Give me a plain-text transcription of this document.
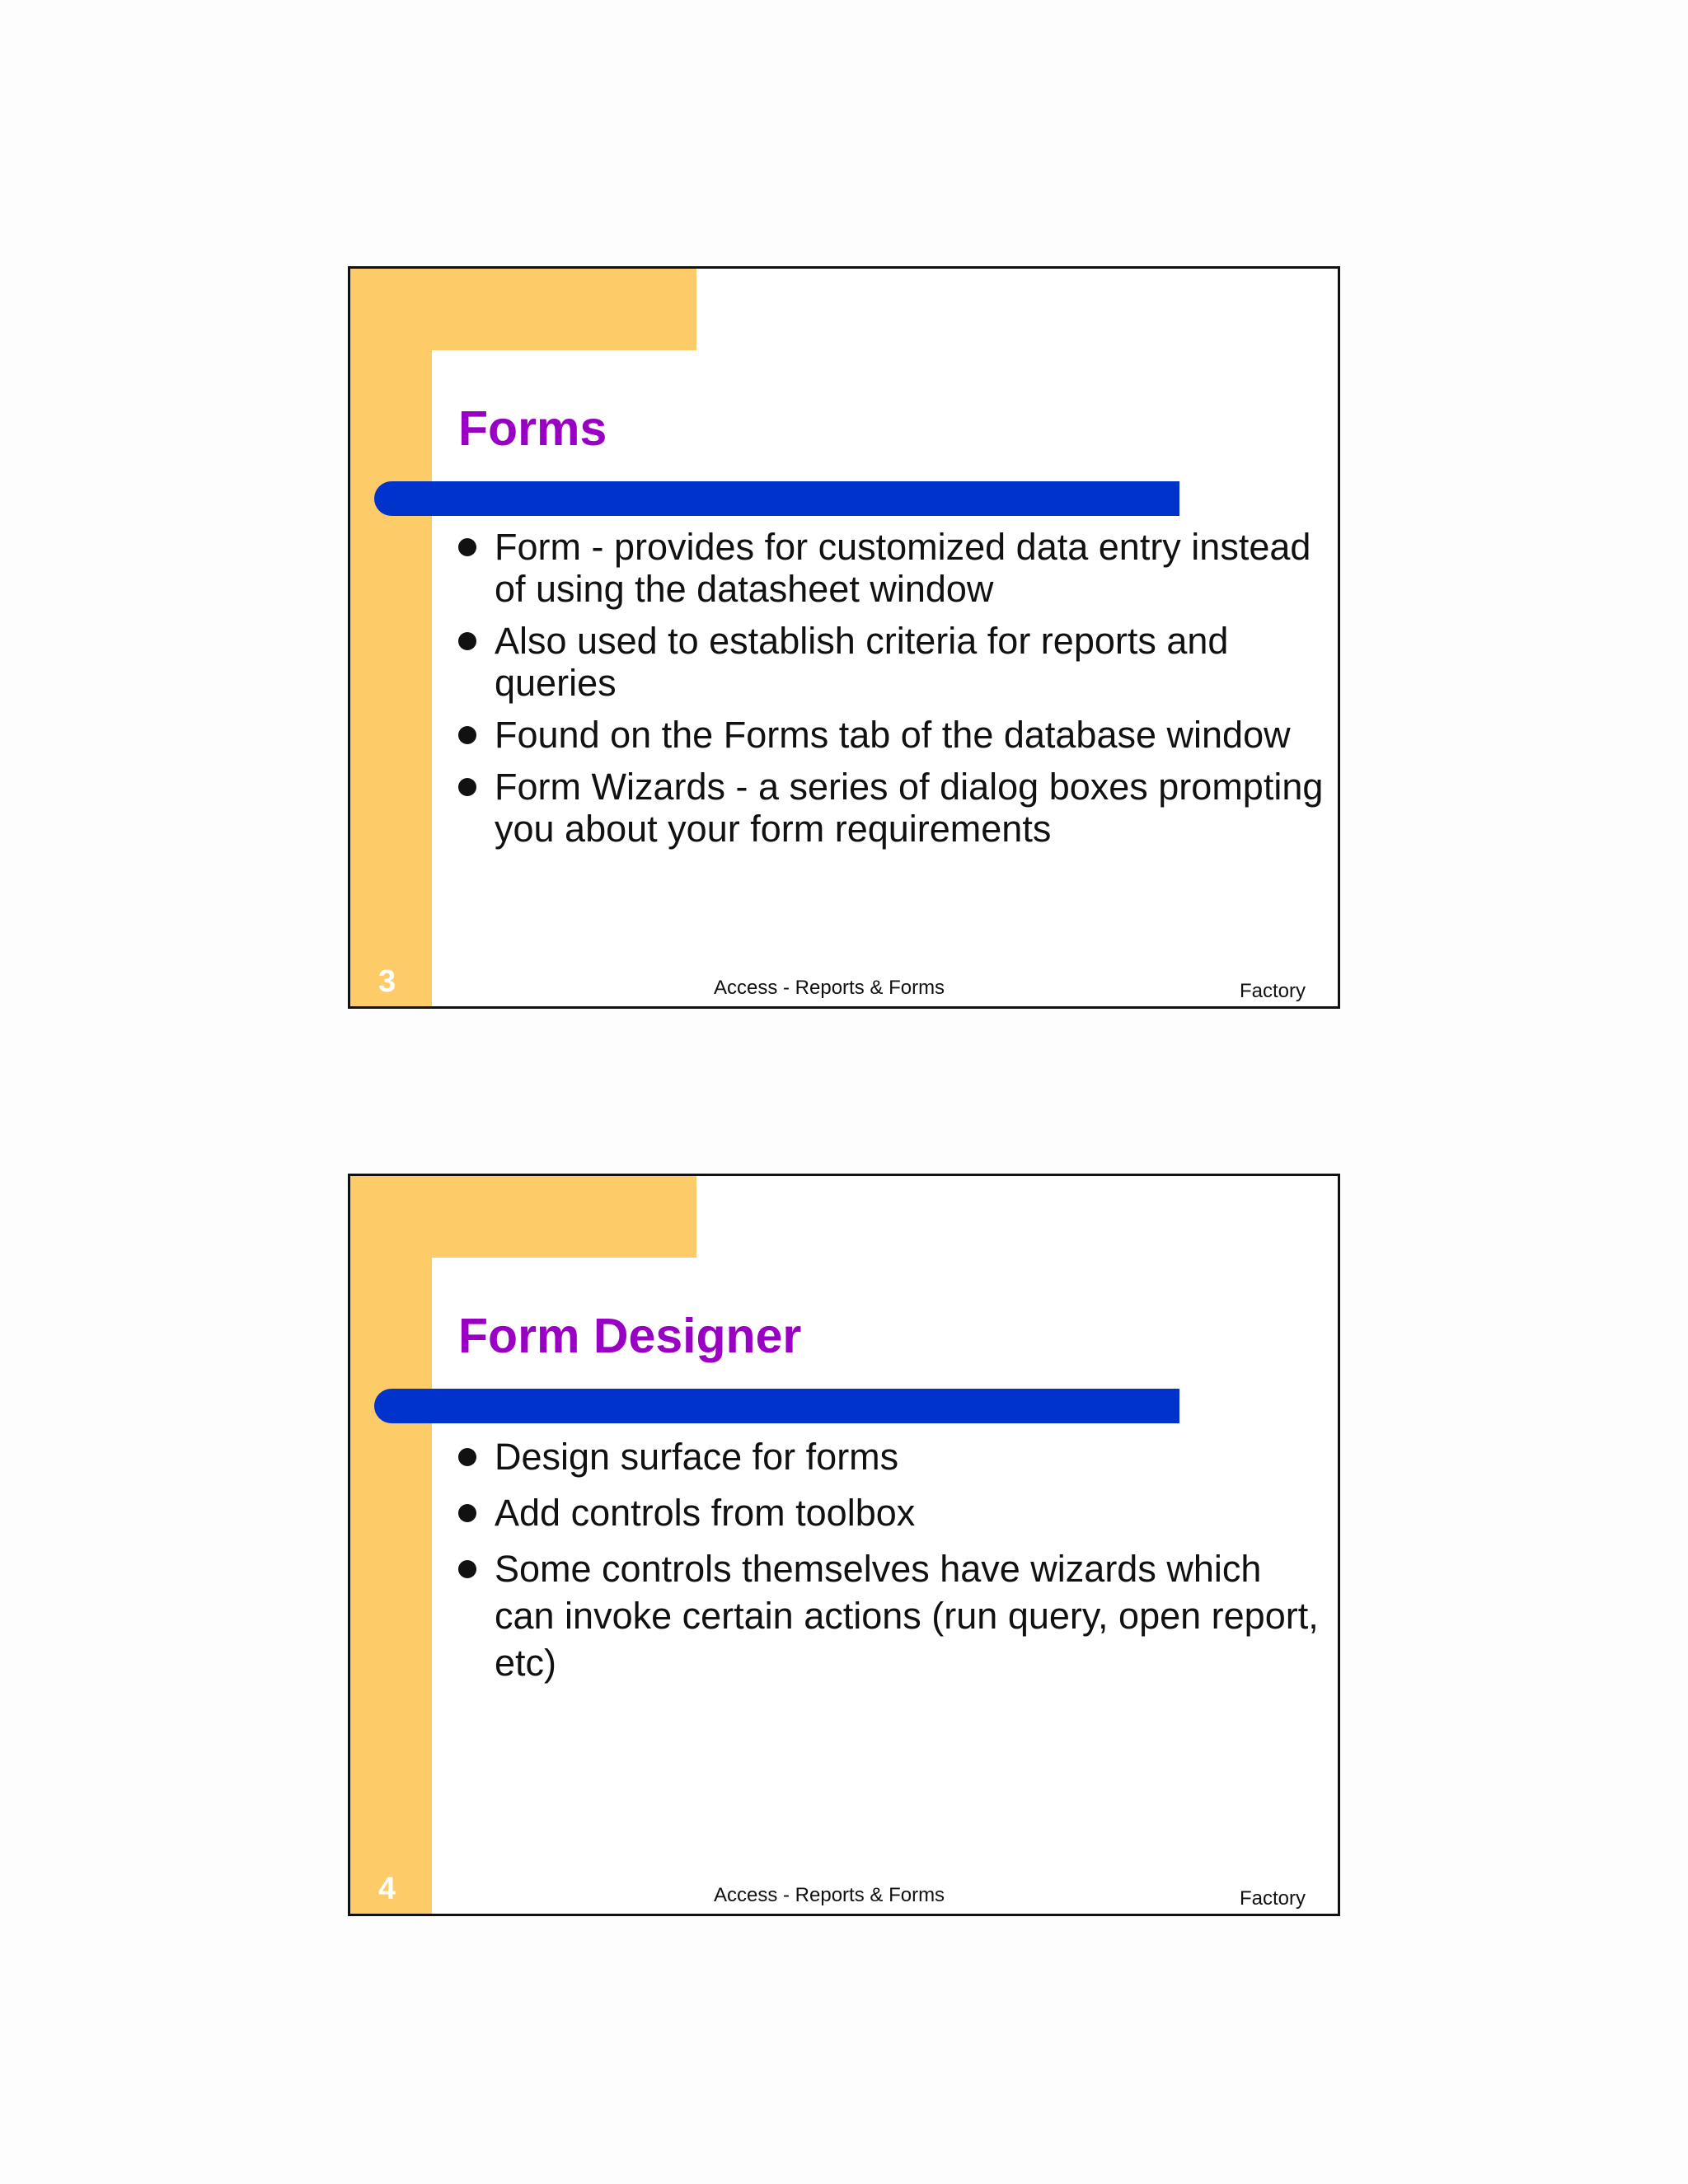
Forms
Form - provides for customized data entry instead of using the datasheet window
Also used to establish criteria for reports and queries
Found on the Forms tab of the database window
Form Wizards - a series of dialog boxes prompting you about your form requirements
3	Access - Reports & Forms	Factory
Form Designer
Design surface for forms
Add controls from toolbox
Some controls themselves have wizards which can invoke certain actions (run query, open report, etc)
4	Access - Reports & Forms	Factory
